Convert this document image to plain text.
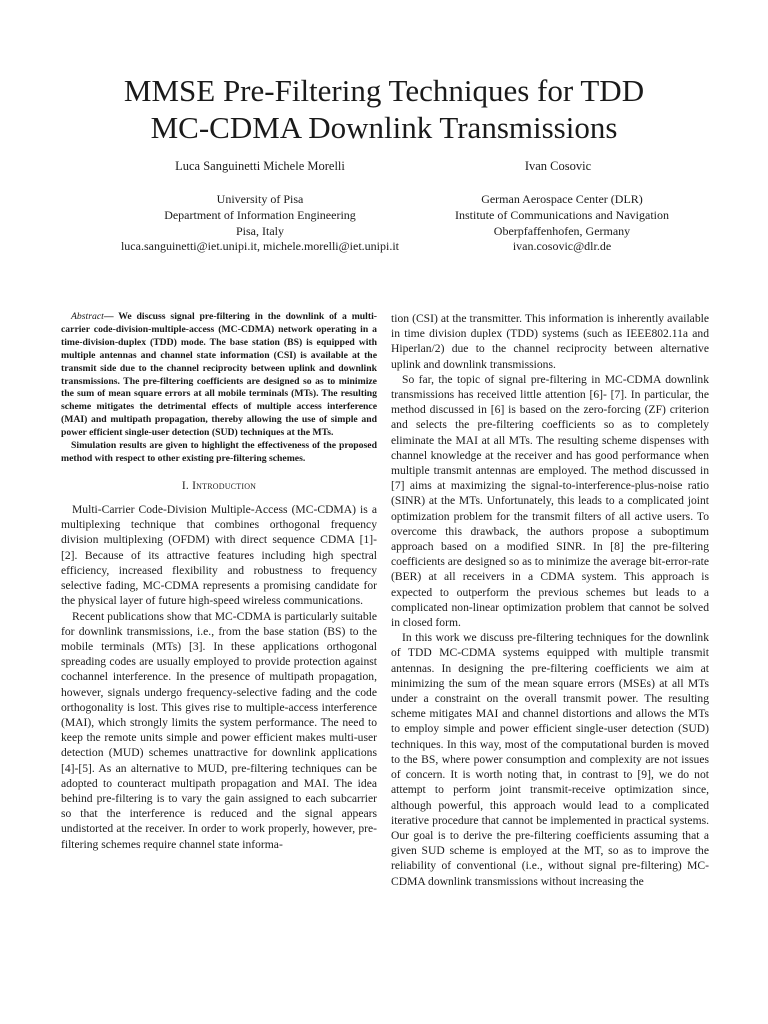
MMSE Pre-Filtering Techniques for TDD
MC-CDMA Downlink Transmissions
Luca Sanguinetti Michele Morelli	Ivan Cosovic
University of Pisa
Department of Information Engineering
Pisa, Italy
luca.sanguinetti@iet.unipi.it, michele.morelli@iet.unipi.it
German Aerospace Center (DLR)
Institute of Communications and Navigation
Oberpfaffenhofen, Germany
ivan.cosovic@dlr.de

Abstract— We discuss signal pre-filtering in the downlink of a multi-carrier code-division-multiple-access (MC-CDMA) network operating in a time-division-duplex (TDD) mode. The base station (BS) is equipped with multiple antennas and channel state information (CSI) is available at the transmit side due to the channel reciprocity between uplink and downlink transmissions. The pre-filtering coefficients are designed so as to minimize the sum of mean square errors at all mobile terminals (MTs). The resulting scheme mitigates the detrimental effects of multiple access interference (MAI) and multipath propagation, thereby allowing the use of simple and power efficient single-user detection (SUD) techniques at the MTs.

Simulation results are given to highlight the effectiveness of the proposed method with respect to other existing pre-filtering schemes.

I. Introduction

Multi-Carrier Code-Division Multiple-Access (MC-CDMA) is a multiplexing technique that combines orthogonal frequency division multiplexing (OFDM) with direct sequence CDMA [1]- [2]. Because of its attractive features including high spectral efficiency, increased flexibility and robustness to frequency selective fading, MC-CDMA represents a promising candidate for the physical layer of future high-speed wireless communications.

Recent publications show that MC-CDMA is particularly suitable for downlink transmissions, i.e., from the base station (BS) to the mobile terminals (MTs) [3]. In these applications orthogonal spreading codes are usually employed to provide protection against cochannel interference. In the presence of multipath propagation, however, signals undergo frequency-selective fading and the code orthogonality is lost. This gives rise to multiple-access interference (MAI), which strongly limits the system performance. The need to keep the remote units simple and power efficient makes multi-user detection (MUD) schemes unattractive for downlink applications [4]-[5]. As an alternative to MUD, pre-filtering techniques can be adopted to counteract multipath propagation and MAI. The idea behind pre-filtering is to vary the gain assigned to each subcarrier so that the interference is reduced and the signal appears undistorted at the receiver. In order to work properly, however, pre-filtering schemes require channel state informa-

tion (CSI) at the transmitter. This information is inherently available in time division duplex (TDD) systems (such as IEEE802.11a and Hiperlan/2) due to the channel reciprocity between alternative uplink and downlink transmissions.

So far, the topic of signal pre-filtering in MC-CDMA downlink transmissions has received little attention [6]- [7]. In particular, the method discussed in [6] is based on the zero-forcing (ZF) criterion and selects the pre-filtering coefficients so as to completely eliminate the MAI at all MTs. The resulting scheme dispenses with channel knowledge at the receiver and has good performance when multiple transmit antennas are employed. The method discussed in [7] aims at maximizing the signal-to-interference-plus-noise ratio (SINR) at the MTs. Unfortunately, this leads to a complicated joint optimization problem for the transmit filters of all active users. To overcome this drawback, the authors propose a suboptimum approach based on a modified SINR. In [8] the pre-filtering coefficients are designed so as to minimize the average bit-error-rate (BER) at all receivers in a CDMA system. This approach is expected to outperform the previous schemes but leads to a complicated non-linear optimization problem that cannot be solved in closed form.

In this work we discuss pre-filtering techniques for the downlink of TDD MC-CDMA systems equipped with multiple transmit antennas. In designing the pre-filtering coefficients we aim at minimizing the sum of the mean square errors (MSEs) at all MTs under a constraint on the overall transmit power. The resulting scheme mitigates MAI and channel distortions and allows the MTs to employ simple and power efficient single-user detection (SUD) techniques. In this way, most of the computational burden is moved to the BS, where power consumption and complexity are not issues of concern. It is worth noting that, in contrast to [9], we do not attempt to perform joint transmit-receive optimization since, although powerful, this approach would lead to a complicated iterative procedure that cannot be implemented in practical systems. Our goal is to derive the pre-filtering coefficients assuming that a given SUD scheme is employed at the MT, so as to improve the reliability of conventional (i.e., without signal pre-filtering) MC-CDMA downlink transmissions without increasing the
